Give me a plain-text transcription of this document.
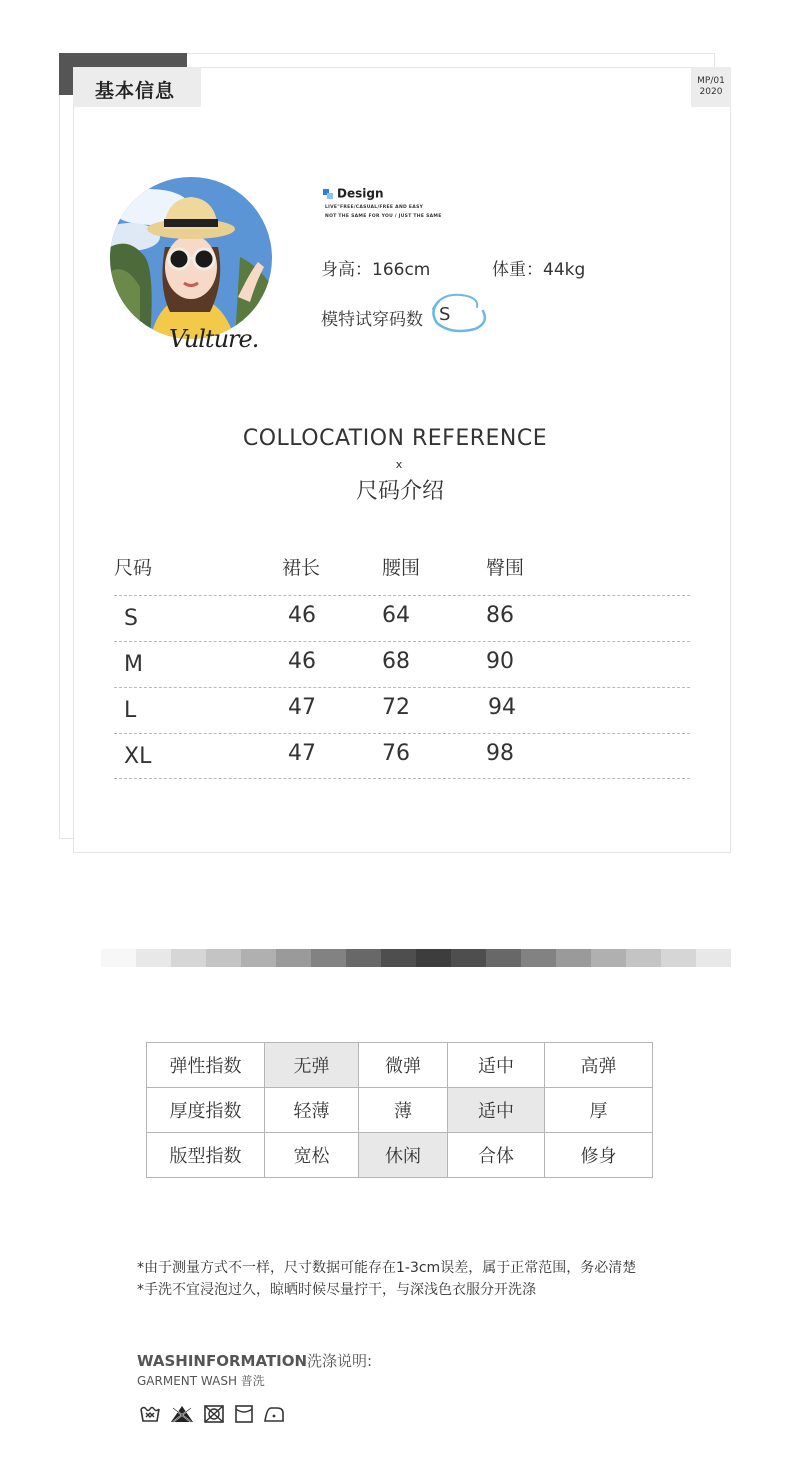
基本信息	MP/01
2020
Vulture.
Design
LIVE"FREE/CASUAL/FREE AND EASY
NOT THE SAME FOR YOU / JUST THE SAME
身高：166cm	体重：44kg
模特试穿码数 S
COLLOCATION REFERENCE
x
尺码介绍
尺码	裙长	腰围	臀围
S	46	64	86
M	46	68	90
L	47	72	94
XL	47	76	98
弹性指数	无弹	微弹	适中	高弹
厚度指数	轻薄	薄	适中	厚
版型指数	宽松	休闲	合体	修身
*由于测量方式不一样，尺寸数据可能存在1-3cm误差，属于正常范围，务必清楚
*手洗不宜浸泡过久，晾晒时候尽量拧干，与深浅色衣服分开洗涤
WASHINFORMATION洗涤说明:
GARMENT WASH 普洗
